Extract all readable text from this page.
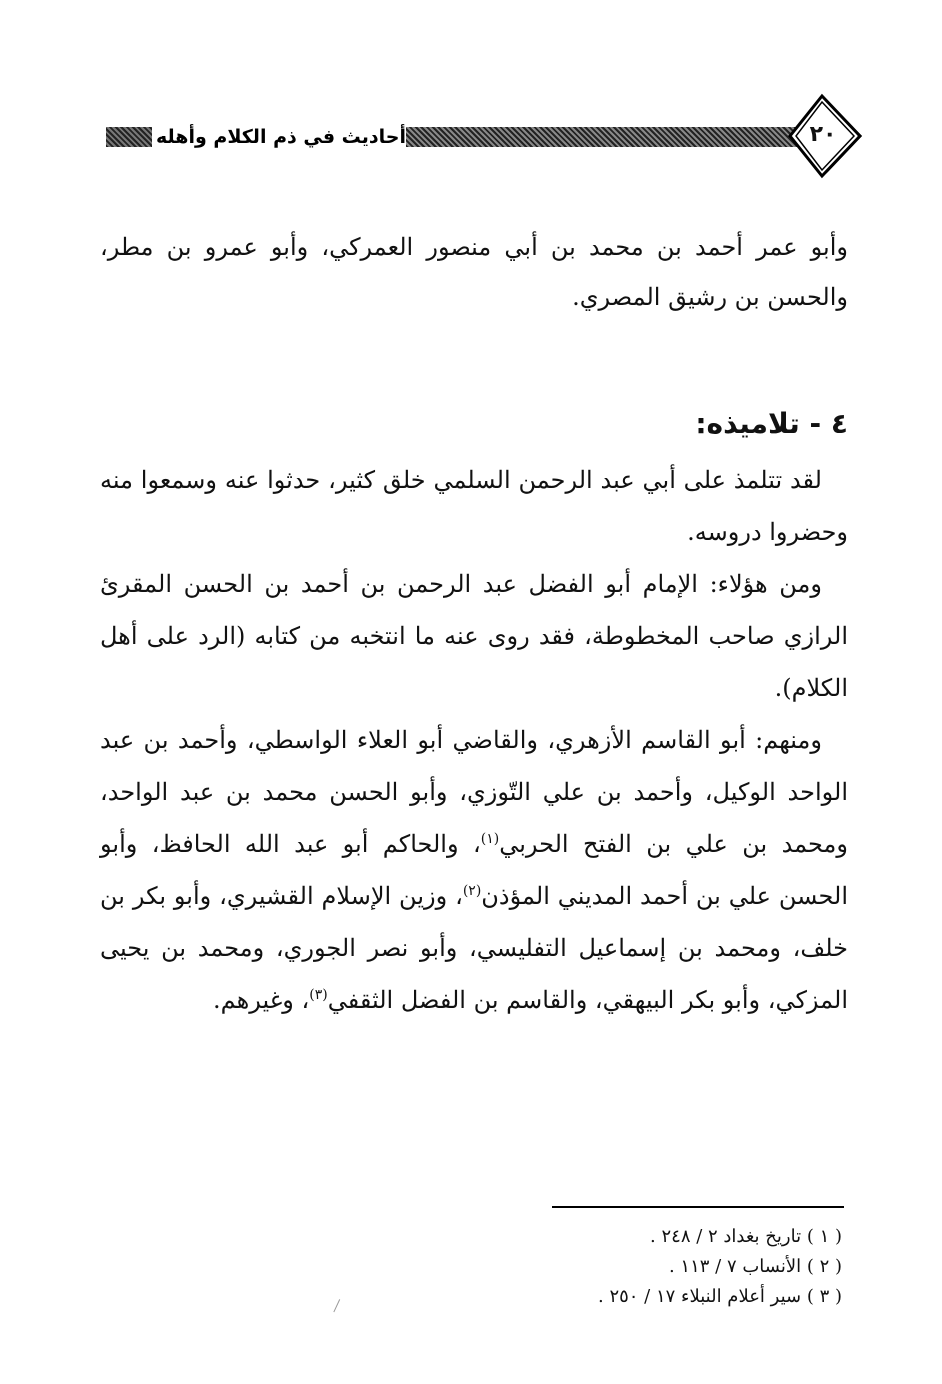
أحاديث في ذم الكلام وأهله	٢٠

وأبو عمر أحمد بن محمد بن أبي منصور العمركي، وأبو عمرو بن مطر، والحسن بن رشيق المصري.

٤ - تلاميذه:

لقد تتلمذ على أبي عبد الرحمن السلمي خلق كثير، حدثوا عنه وسمعوا منه وحضروا دروسه.

ومن هؤلاء: الإمام أبو الفضل عبد الرحمن بن أحمد بن الحسن المقرئ الرازي صاحب المخطوطة، فقد روى عنه ما انتخبه من كتابه (الرد على أهل الكلام).

ومنهم: أبو القاسم الأزهري، والقاضي أبو العلاء الواسطي، وأحمد بن عبد الواحد الوكيل، وأحمد بن علي التّوزي، وأبو الحسن محمد بن عبد الواحد، ومحمد بن علي بن الفتح الحربي$^{(١)}$، والحاكم أبو عبد الله الحافظ، وأبو الحسن علي بن أحمد المديني المؤذن$^{(٢)}$، وزين الإسلام القشيري، وأبو بكر بن خلف، ومحمد بن إسماعيل التفليسي، وأبو نصر الجوري، ومحمد بن يحيى المزكي، وأبو بكر البيهقي، والقاسم بن الفضل الثقفي$^{(٣)}$، وغيرهم.

( ١ ) تاريخ بغداد ٢ / ٢٤٨ .

( ٢ ) الأنساب ٧ / ١١٣ .

( ٣ ) سير أعلام النبلاء ١٧ / ٢٥٠ .
